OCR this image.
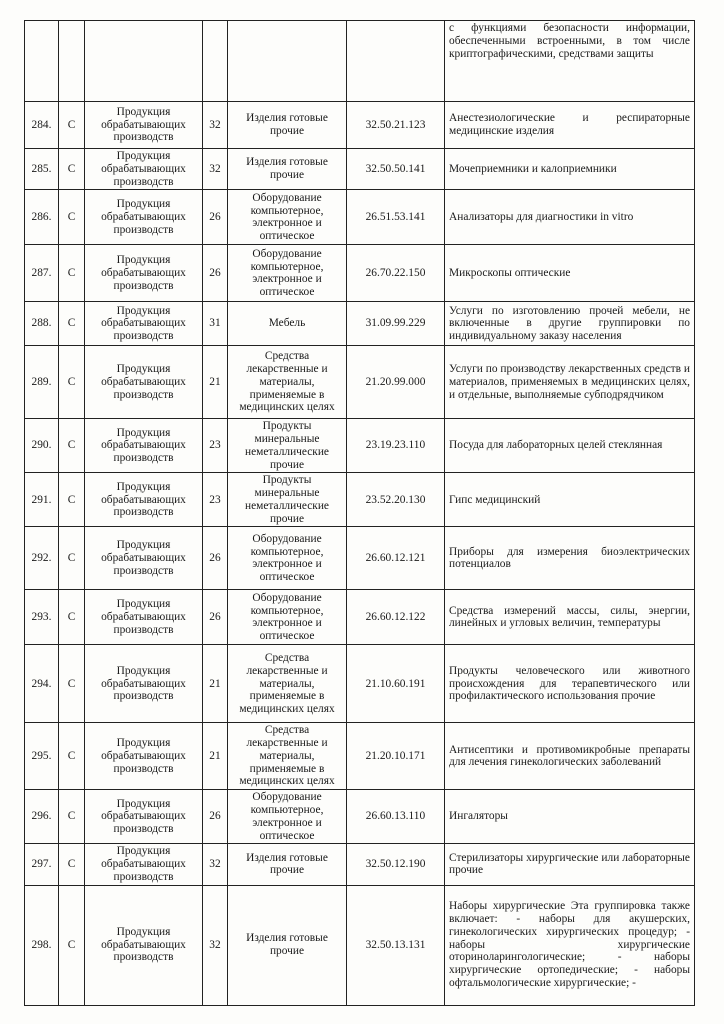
						с функциями безопасности информации, обеспеченными встроенными, в том числе криптографическими, средствами защиты
284.	С	Продукция обрабатывающих производств	32	Изделия готовые прочие	32.50.21.123	Анестезиологические и респираторные медицинские изделия
285.	С	Продукция обрабатывающих производств	32	Изделия готовые прочие	32.50.50.141	Мочеприемники и калоприемники
286.	С	Продукция обрабатывающих производств	26	Оборудование компьютерное, электронное и оптическое	26.51.53.141	Анализаторы для диагностики in vitro
287.	С	Продукция обрабатывающих производств	26	Оборудование компьютерное, электронное и оптическое	26.70.22.150	Микроскопы оптические
288.	С	Продукция обрабатывающих производств	31	Мебель	31.09.99.229	Услуги по изготовлению прочей мебели, не включенные в другие группировки по индивидуальному заказу населения
289.	С	Продукция обрабатывающих производств	21	Средства лекарственные и материалы, применяемые в медицинских целях	21.20.99.000	Услуги по производству лекарственных средств и материалов, применяемых в медицинских целях, и отдельные, выполняемые субподрядчиком
290.	С	Продукция обрабатывающих производств	23	Продукты минеральные неметаллические прочие	23.19.23.110	Посуда для лабораторных целей стеклянная
291.	С	Продукция обрабатывающих производств	23	Продукты минеральные неметаллические прочие	23.52.20.130	Гипс медицинский
292.	С	Продукция обрабатывающих производств	26	Оборудование компьютерное, электронное и оптическое	26.60.12.121	Приборы для измерения биоэлектрических потенциалов
293.	С	Продукция обрабатывающих производств	26	Оборудование компьютерное, электронное и оптическое	26.60.12.122	Средства измерений массы, силы, энергии, линейных и угловых величин, температуры
294.	С	Продукция обрабатывающих производств	21	Средства лекарственные и материалы, применяемые в медицинских целях	21.10.60.191	Продукты человеческого или животного происхождения для терапевтического или профилактического использования прочие
295.	С	Продукция обрабатывающих производств	21	Средства лекарственные и материалы, применяемые в медицинских целях	21.20.10.171	Антисептики и противомикробные препараты для лечения гинекологических заболеваний
296.	С	Продукция обрабатывающих производств	26	Оборудование компьютерное, электронное и оптическое	26.60.13.110	Ингаляторы
297.	С	Продукция обрабатывающих производств	32	Изделия готовые прочие	32.50.12.190	Стерилизаторы хирургические или лабораторные прочие
298.	С	Продукция обрабатывающих производств	32	Изделия готовые прочие	32.50.13.131	Наборы хирургические Эта группировка также включает: - наборы для акушерских, гинекологических хирургических процедур; - наборы хирургические оториноларингологические; - наборы хирургические ортопедические; - наборы офтальмологические хирургические; -
